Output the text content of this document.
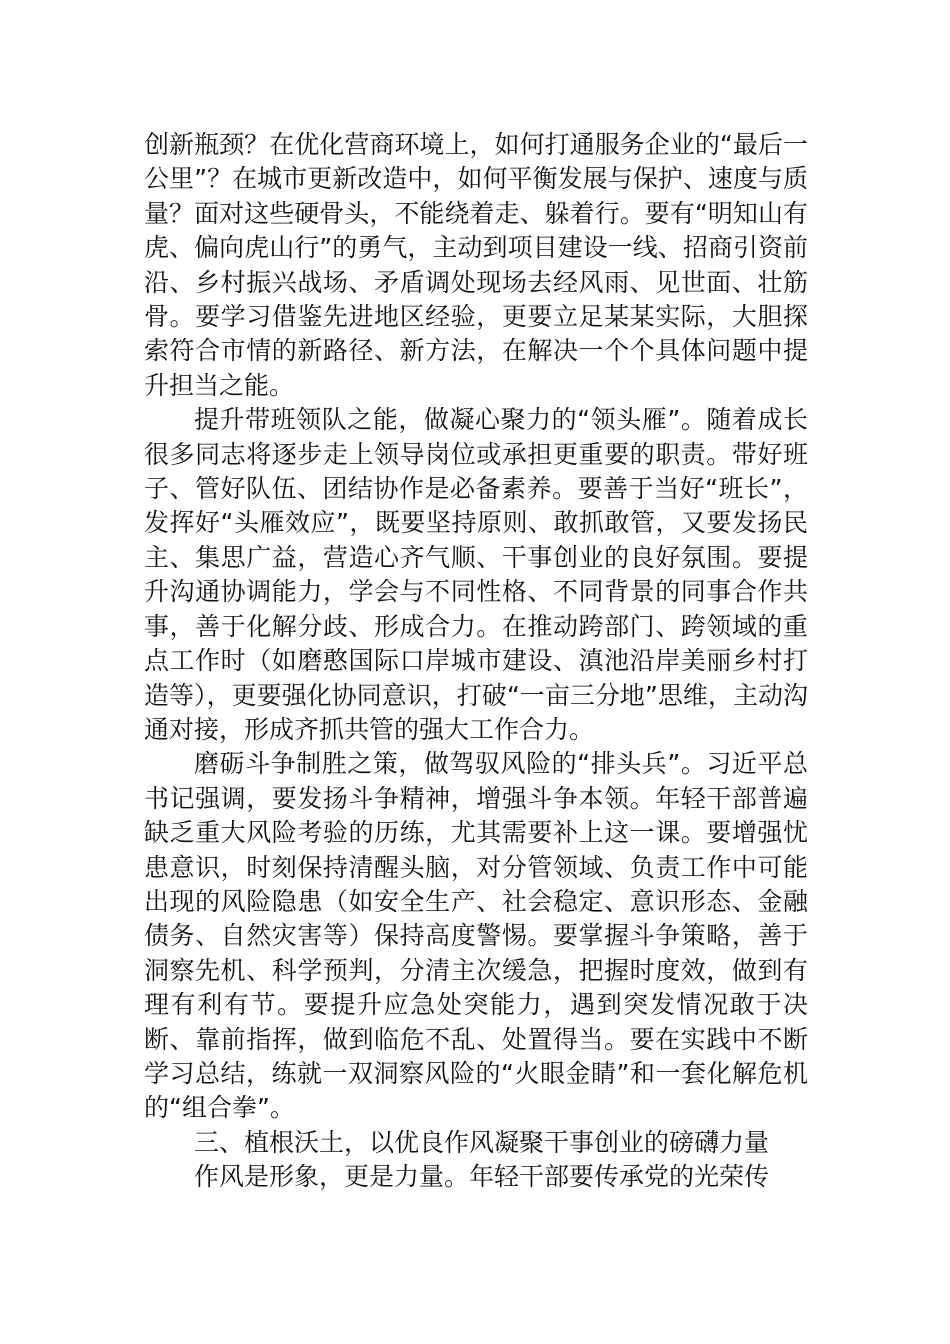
创新瓶颈？在优化营商环境上，如何打通服务企业的“最后一公里”？在城市更新改造中，如何平衡发展与保护、速度与质量？面对这些硬骨头，不能绕着走、躲着行。要有“明知山有虎、偏向虎山行”的勇气，主动到项目建设一线、招商引资前沿、乡村振兴战场、矛盾调处现场去经风雨、见世面、壮筋骨。要学习借鉴先进地区经验，更要立足某某实际，大胆探索符合市情的新路径、新方法，在解决一个个具体问题中提升担当之能。

提升带班领队之能，做凝心聚力的“领头雁”。随着成长很多同志将逐步走上领导岗位或承担更重要的职责。带好班子、管好队伍、团结协作是必备素养。要善于当好“班长”，发挥好“头雁效应”，既要坚持原则、敢抓敢管，又要发扬民主、集思广益，营造心齐气顺、干事创业的良好氛围。要提升沟通协调能力，学会与不同性格、不同背景的同事合作共事，善于化解分歧、形成合力。在推动跨部门、跨领域的重点工作时（如磨憨国际口岸城市建设、滇池沿岸美丽乡村打造等），更要强化协同意识，打破“一亩三分地”思维，主动沟通对接，形成齐抓共管的强大工作合力。

磨砺斗争制胜之策，做驾驭风险的“排头兵”。习近平总书记强调，要发扬斗争精神，增强斗争本领。年轻干部普遍缺乏重大风险考验的历练，尤其需要补上这一课。要增强忧患意识，时刻保持清醒头脑，对分管领域、负责工作中可能出现的风险隐患（如安全生产、社会稳定、意识形态、金融债务、自然灾害等）保持高度警惕。要掌握斗争策略，善于洞察先机、科学预判，分清主次缓急，把握时度效，做到有理有利有节。要提升应急处突能力，遇到突发情况敢于决断、靠前指挥，做到临危不乱、处置得当。要在实践中不断学习总结，练就一双洞察风险的“火眼金睛”和一套化解危机的“组合拳”。

三、植根沃土，以优良作风凝聚干事创业的磅礴力量

作风是形象，更是力量。年轻干部要传承党的光荣传
